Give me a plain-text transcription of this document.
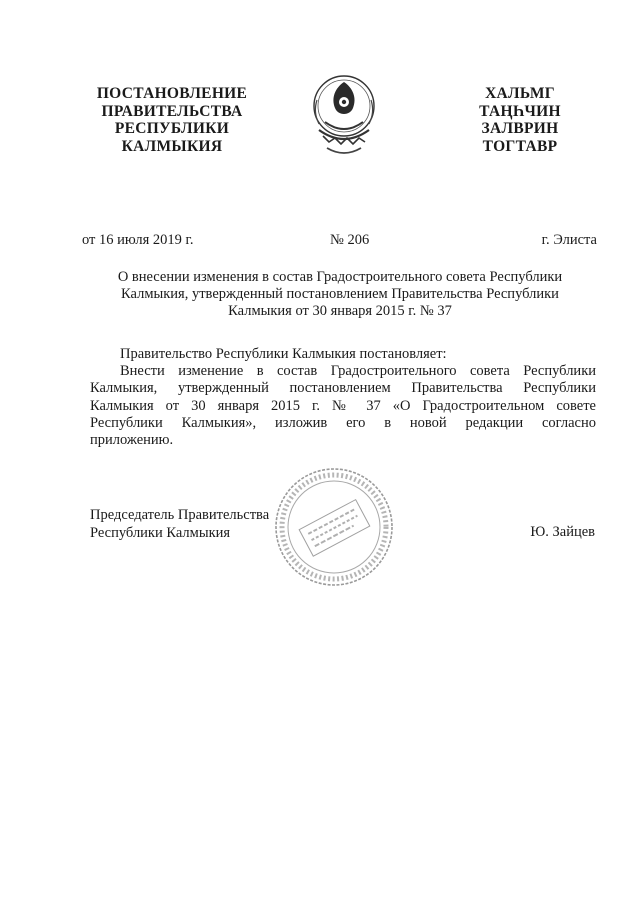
ПОСТАНОВЛЕНИЕ
ПРАВИТЕЛЬСТВА
РЕСПУБЛИКИ
КАЛМЫКИЯ
ХАЛЬМГ
ТАҢҺЧИН
ЗАЛВРИН
ТОГТАВР
от 16 июля 2019 г.	№ 206	г. Элиста
О внесении изменения в состав Градостроительного совета Республики
Калмыкия, утвержденный постановлением Правительства Республики
Калмыкия от 30 января 2015 г. № 37
Правительство Республики Калмыкия постановляет:
Внести изменение в состав Градостроительного совета Республики
Калмыкия, утвержденный постановлением Правительства Республики
Калмыкия от 30 января 2015 г. № 37 «О Градостроительном совете
Республики Калмыкия», изложив его в новой редакции согласно
приложению.
Председатель Правительства
Республики Калмыкия	Ю. Зайцев
